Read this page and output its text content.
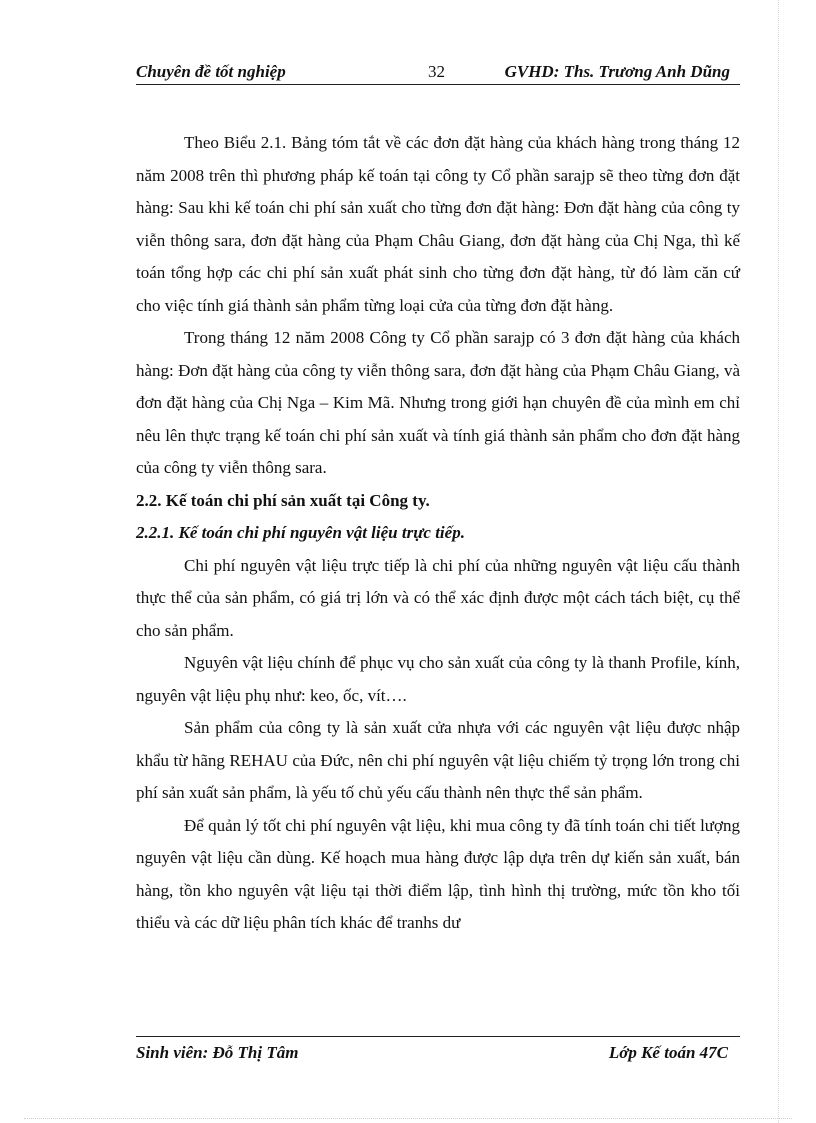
Chuyên đề tốt nghiệp	32	GVHD: Ths. Trương Anh Dũng

Theo Biểu 2.1. Bảng tóm tắt về các đơn đặt hàng của khách hàng trong tháng 12 năm 2008 trên thì phương pháp kế toán tại công ty Cổ phần sarajp sẽ theo từng đơn đặt hàng: Sau khi kế toán chi phí sản xuất cho từng đơn đặt hàng: Đơn đặt hàng của công ty viễn thông sara, đơn đặt hàng của Phạm Châu Giang, đơn đặt hàng của Chị Nga, thì kế toán tổng hợp các chi phí sản xuất phát sinh cho từng đơn đặt hàng, từ đó làm căn cứ cho việc tính giá thành sản phẩm từng loại cửa của từng đơn đặt hàng.

Trong tháng 12 năm 2008 Công ty Cổ phần sarajp có 3 đơn đặt hàng của khách hàng: Đơn đặt hàng của công ty viễn thông sara, đơn đặt hàng của Phạm Châu Giang, và đơn đặt hàng của Chị Nga – Kim Mã. Nhưng trong giới hạn chuyên đề của mình em chỉ nêu lên thực trạng kế toán chi phí sản xuất và tính giá thành sản phẩm cho đơn đặt hàng của công ty viễn thông sara.

2.2. Kế toán chi phí sản xuất tại Công ty.
2.2.1. Kế toán chi phí nguyên vật liệu trực tiếp.

Chi phí nguyên vật liệu trực tiếp là chi phí của những nguyên vật liệu cấu thành thực thể của sản phẩm, có giá trị lớn và có thể xác định được một cách tách biệt, cụ thể cho sản phẩm.

Nguyên vật liệu chính để phục vụ cho sản xuất của công ty là thanh Profile, kính, nguyên vật liệu phụ như: keo, ốc, vít….

Sản phẩm của công ty là sản xuất cửa nhựa với các nguyên vật liệu được nhập khẩu từ hãng REHAU của Đức, nên chi phí nguyên vật liệu chiếm tỷ trọng lớn trong chi phí sản xuất sản phẩm, là yếu tố chủ yếu cấu thành nên thực thể sản phẩm.

Để quản lý tốt chi phí nguyên vật liệu, khi mua công ty đã tính toán chi tiết lượng nguyên vật liệu cần dùng. Kế hoạch mua hàng được lập dựa trên dự kiến sản xuất, bán hàng, tồn kho nguyên vật liệu tại thời điểm lập, tình hình thị trường, mức tồn kho tối thiểu và các dữ liệu phân tích khác để tranhs dư

Sinh viên: Đỗ Thị Tâm	Lớp Kế toán 47C
